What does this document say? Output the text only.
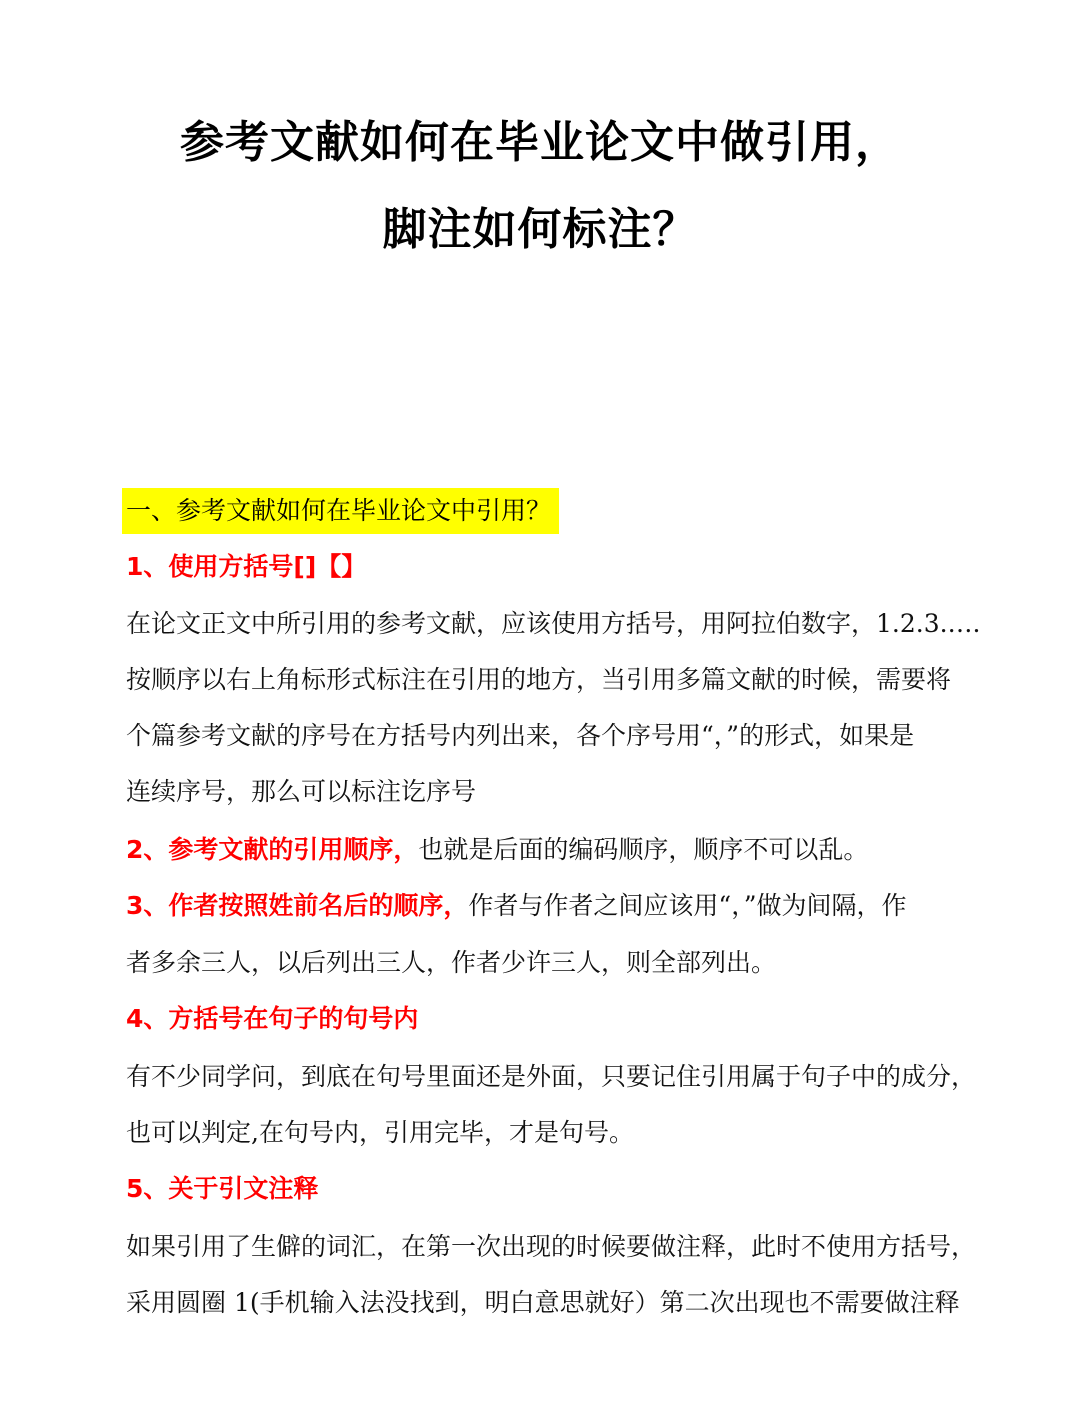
参考文献如何在毕业论文中做引用，
脚注如何标注？
一、参考文献如何在毕业论文中引用？
1、使用方括号[]【】
在论文正文中所引用的参考文献，应该使用方括号，用阿拉伯数字，1.2.3.….
按顺序以右上角标形式标注在引用的地方，当引用多篇文献的时候，需要将
个篇参考文献的序号在方括号内列出来，各个序号用“，”的形式，如果是
连续序号，那么可以标注讫序号
2、参考文献的引用顺序，也就是后面的编码顺序，顺序不可以乱。
3、作者按照姓前名后的顺序，作者与作者之间应该用“，”做为间隔，作
者多余三人，以后列出三人，作者少许三人，则全部列出。
4、方括号在句子的句号内
有不少同学问，到底在句号里面还是外面，只要记住引用属于句子中的成分，
也可以判定,在句号内，引用完毕，才是句号。
5、关于引文注释
如果引用了生僻的词汇，在第一次出现的时候要做注释，此时不使用方括号，
采用圆圈 1(手机输入法没找到，明白意思就好）第二次出现也不需要做注释
